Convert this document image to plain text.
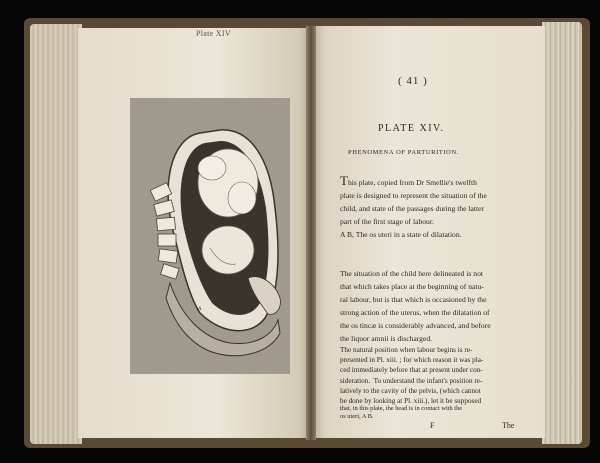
Plate XIV
A	B
( 41 )
PLATE XIV.
PHENOMENA OF PARTURITION.
This plate, copied from Dr Smellie's twelfth
plate is designed to represent the situation of the
child, and state of the passages during the latter
part of the first stage of labour.
A B, The os uteri in a state of dilatation.
The situation of the child here delineated is not
that which takes place at the beginning of natu-
ral labour, but is that which is occasioned by the
strong action of the uterus, when the dilatation of
the os tincæ is considerably advanced, and before
the liquor amnii is discharged.
The natural position when labour begins is re-
presented in Pl. xiii. ; for which reason it was pla-
ced immediately before that at present under con-
sideration.  To understand the infant's position re-
latively to the cavity of the pelvis, (which cannot
be done by looking at Pl. xiii.), let it be supposed
that, in this plate, the head is in contact with the
os uteri, A B.
F	The
